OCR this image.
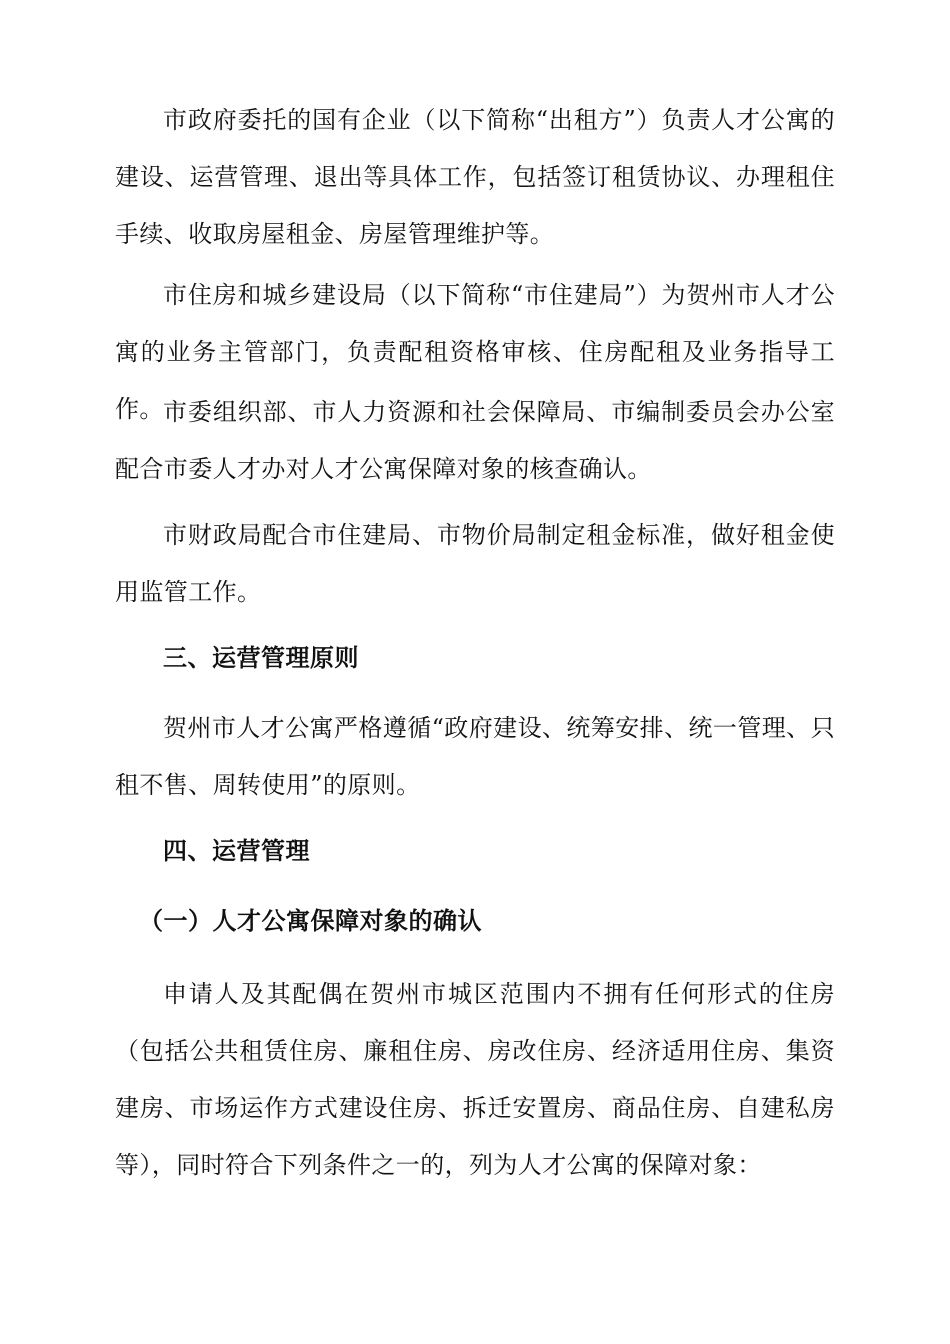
市政府委托的国有企业（以下简称“出租方”）负责人才公寓的建设、运营管理、退出等具体工作，包括签订租赁协议、办理租住手续、收取房屋租金、房屋管理维护等。

市住房和城乡建设局（以下简称“市住建局”）为贺州市人才公寓的业务主管部门，负责配租资格审核、住房配租及业务指导工作。 市委组织部、市人力资源和社会保障局、市编制委员会办公室配合市委人才办对人才公寓保障对象的核查确认。

市财政局配合市住建局、市物价局制定租金标准，做好租金使用监管工作。

三、运营管理原则

贺州市人才公寓严格遵循“政府建设、统筹安排、统一管理、只租不售、周转使用”的原则。

四、运营管理
（一）人才公寓保障对象的确认

申请人及其配偶在贺州市城区范围内不拥有任何形式的住房（包括公共租赁住房、廉租住房、房改住房、经济适用住房、集资建房、市场运作方式建设住房、拆迁安置房、商品住房、自建私房等），同时符合下列条件之一的，列为人才公寓的保障对象：
